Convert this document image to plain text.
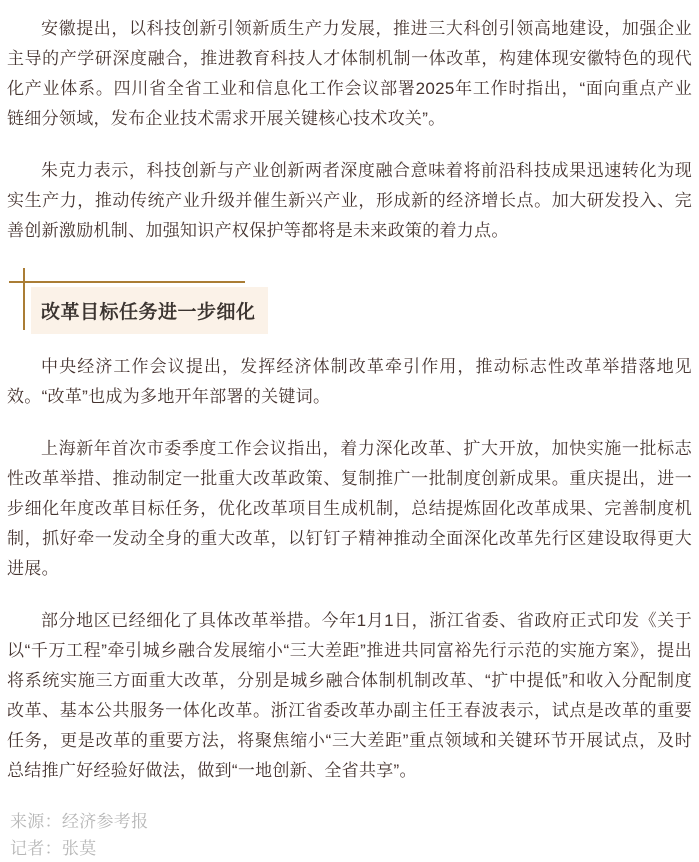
安徽提出，以科技创新引领新质生产力发展，推进三大科创引领高地建设，加强企业主导的产学研深度融合，推进教育科技人才体制机制一体改革，构建体现安徽特色的现代化产业体系。四川省全省工业和信息化工作会议部署2025年工作时指出，“面向重点产业链细分领域，发布企业技术需求开展关键核心技术攻关”。

朱克力表示，科技创新与产业创新两者深度融合意味着将前沿科技成果迅速转化为现实生产力，推动传统产业升级并催生新兴产业，形成新的经济增长点。加大研发投入、完善创新激励机制、加强知识产权保护等都将是未来政策的着力点。

改革目标任务进一步细化

中央经济工作会议提出，发挥经济体制改革牵引作用，推动标志性改革举措落地见效。“改革”也成为多地开年部署的关键词。

上海新年首次市委季度工作会议指出，着力深化改革、扩大开放，加快实施一批标志性改革举措、推动制定一批重大改革政策、复制推广一批制度创新成果。重庆提出，进一步细化年度改革目标任务，优化改革项目生成机制，总结提炼固化改革成果、完善制度机制，抓好牵一发动全身的重大改革，以钉钉子精神推动全面深化改革先行区建设取得更大进展。

部分地区已经细化了具体改革举措。今年1月1日，浙江省委、省政府正式印发《关于以“千万工程”牵引城乡融合发展缩小“三大差距”推进共同富裕先行示范的实施方案》，提出将系统实施三方面重大改革，分别是城乡融合体制机制改革、“扩中提低”和收入分配制度改革、基本公共服务一体化改革。浙江省委改革办副主任王春波表示，试点是改革的重要任务，更是改革的重要方法，将聚焦缩小“三大差距”重点领域和关键环节开展试点，及时总结推广好经验好做法，做到“一地创新、全省共享”。

来源：经济参考报

记者：张莫
